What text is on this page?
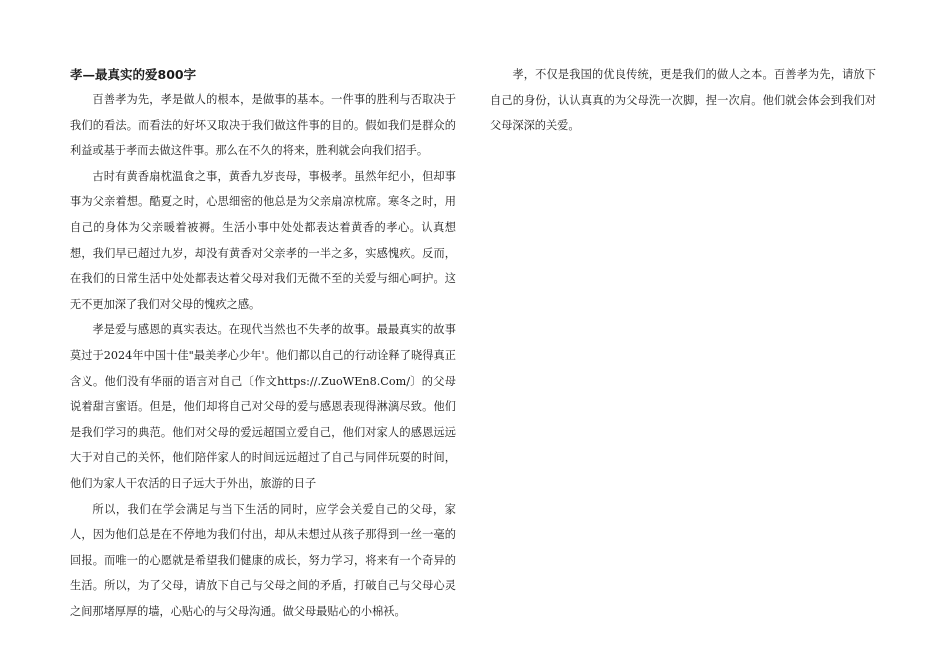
孝—最真实的爱800字

百善孝为先，孝是做人的根本，是做事的基本。一件事的胜利与否取决于我们的看法。而看法的好坏又取决于我们做这件事的目的。假如我们是群众的利益或基于孝而去做这件事。那么在不久的将来，胜利就会向我们招手。

古时有黄香扇枕温食之事，黄香九岁丧母，事极孝。虽然年纪小，但却事事为父亲着想。酷夏之时，心思细密的他总是为父亲扇凉枕席。寒冬之时，用自己的身体为父亲暖着被褥。生活小事中处处都表达着黄香的孝心。认真想想，我们早已超过九岁，却没有黄香对父亲孝的一半之多，实感愧疚。反而，在我们的日常生活中处处都表达着父母对我们无微不至的关爱与细心呵护。这无不更加深了我们对父母的愧疚之感。

孝是爱与感恩的真实表达。在现代当然也不失孝的故事。最最真实的故事莫过于2024年中国十佳"最美孝心少年'。他们都以自己的行动诠释了晓得真正含义。他们没有华丽的语言对自己〔作文https://.ZuoWEn8.Com/〕的父母说着甜言蜜语。但是，他们却将自己对父母的爱与感恩表现得淋漓尽致。他们是我们学习的典范。他们对父母的爱远超国立爱自己，他们对家人的感恩远远大于对自己的关怀，他们陪伴家人的时间远远超过了自己与同伴玩耍的时间，他们为家人干农活的日子远大于外出，旅游的日子

所以，我们在学会满足与当下生活的同时，应学会关爱自己的父母，家人，因为他们总是在不停地为我们付出，却从未想过从孩子那得到一丝一毫的回报。而唯一的心愿就是希望我们健康的成长，努力学习，将来有一个奇异的生活。所以，为了父母，请放下自己与父母之间的矛盾，打破自己与父母心灵之间那堵厚厚的墙，心贴心的与父母沟通。做父母最贴心的小棉袄。

孝，不仅是我国的优良传统，更是我们的做人之本。百善孝为先，请放下自己的身份，认认真真的为父母洗一次脚，捏一次肩。他们就会体会到我们对父母深深的关爱。
